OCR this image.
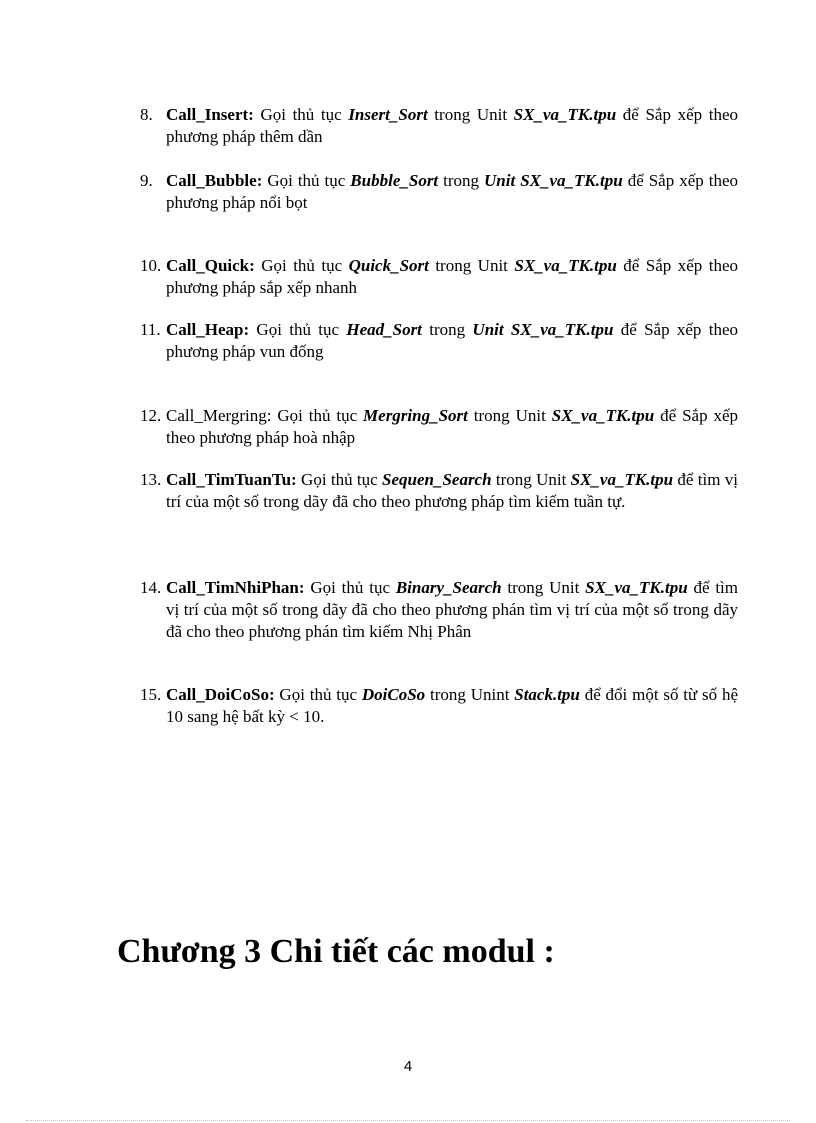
8. Call_Insert: Gọi thủ tục Insert_Sort trong Unit SX_va_TK.tpu để Sắp xếp theo phương pháp thêm dần
9. Call_Bubble: Gọi thủ tục Bubble_Sort trong Unit SX_va_TK.tpu để Sắp xếp theo phương pháp nổi bọt
10. Call_Quick: Gọi thủ tục Quick_Sort trong Unit SX_va_TK.tpu để Sắp xếp theo phương pháp sắp xếp nhanh
11. Call_Heap: Gọi thủ tục Head_Sort trong Unit SX_va_TK.tpu để Sắp xếp theo phương pháp vun đống
12. Call_Mergring: Gọi thủ tục Mergring_Sort trong Unit SX_va_TK.tpu để Sắp xếp theo phương pháp hoà nhập
13. Call_TimTuanTu: Gọi thủ tục Sequen_Search trong Unit SX_va_TK.tpu để tìm vị trí của một số trong dãy đã cho theo phương pháp tìm kiếm tuần tự.
14. Call_TimNhiPhan: Gọi thủ tục Binary_Search trong Unit SX_va_TK.tpu để tìm vị trí của một số trong dãy đã cho theo phương phán tìm vị trí của một số trong dãy đã cho theo phương phán tìm kiếm Nhị Phân
15. Call_DoiCoSo: Gọi thủ tục DoiCoSo trong Unint Stack.tpu để đổi một số từ số hệ 10 sang hệ bất kỳ < 10.
Chương 3 Chi tiết các modul :
4
